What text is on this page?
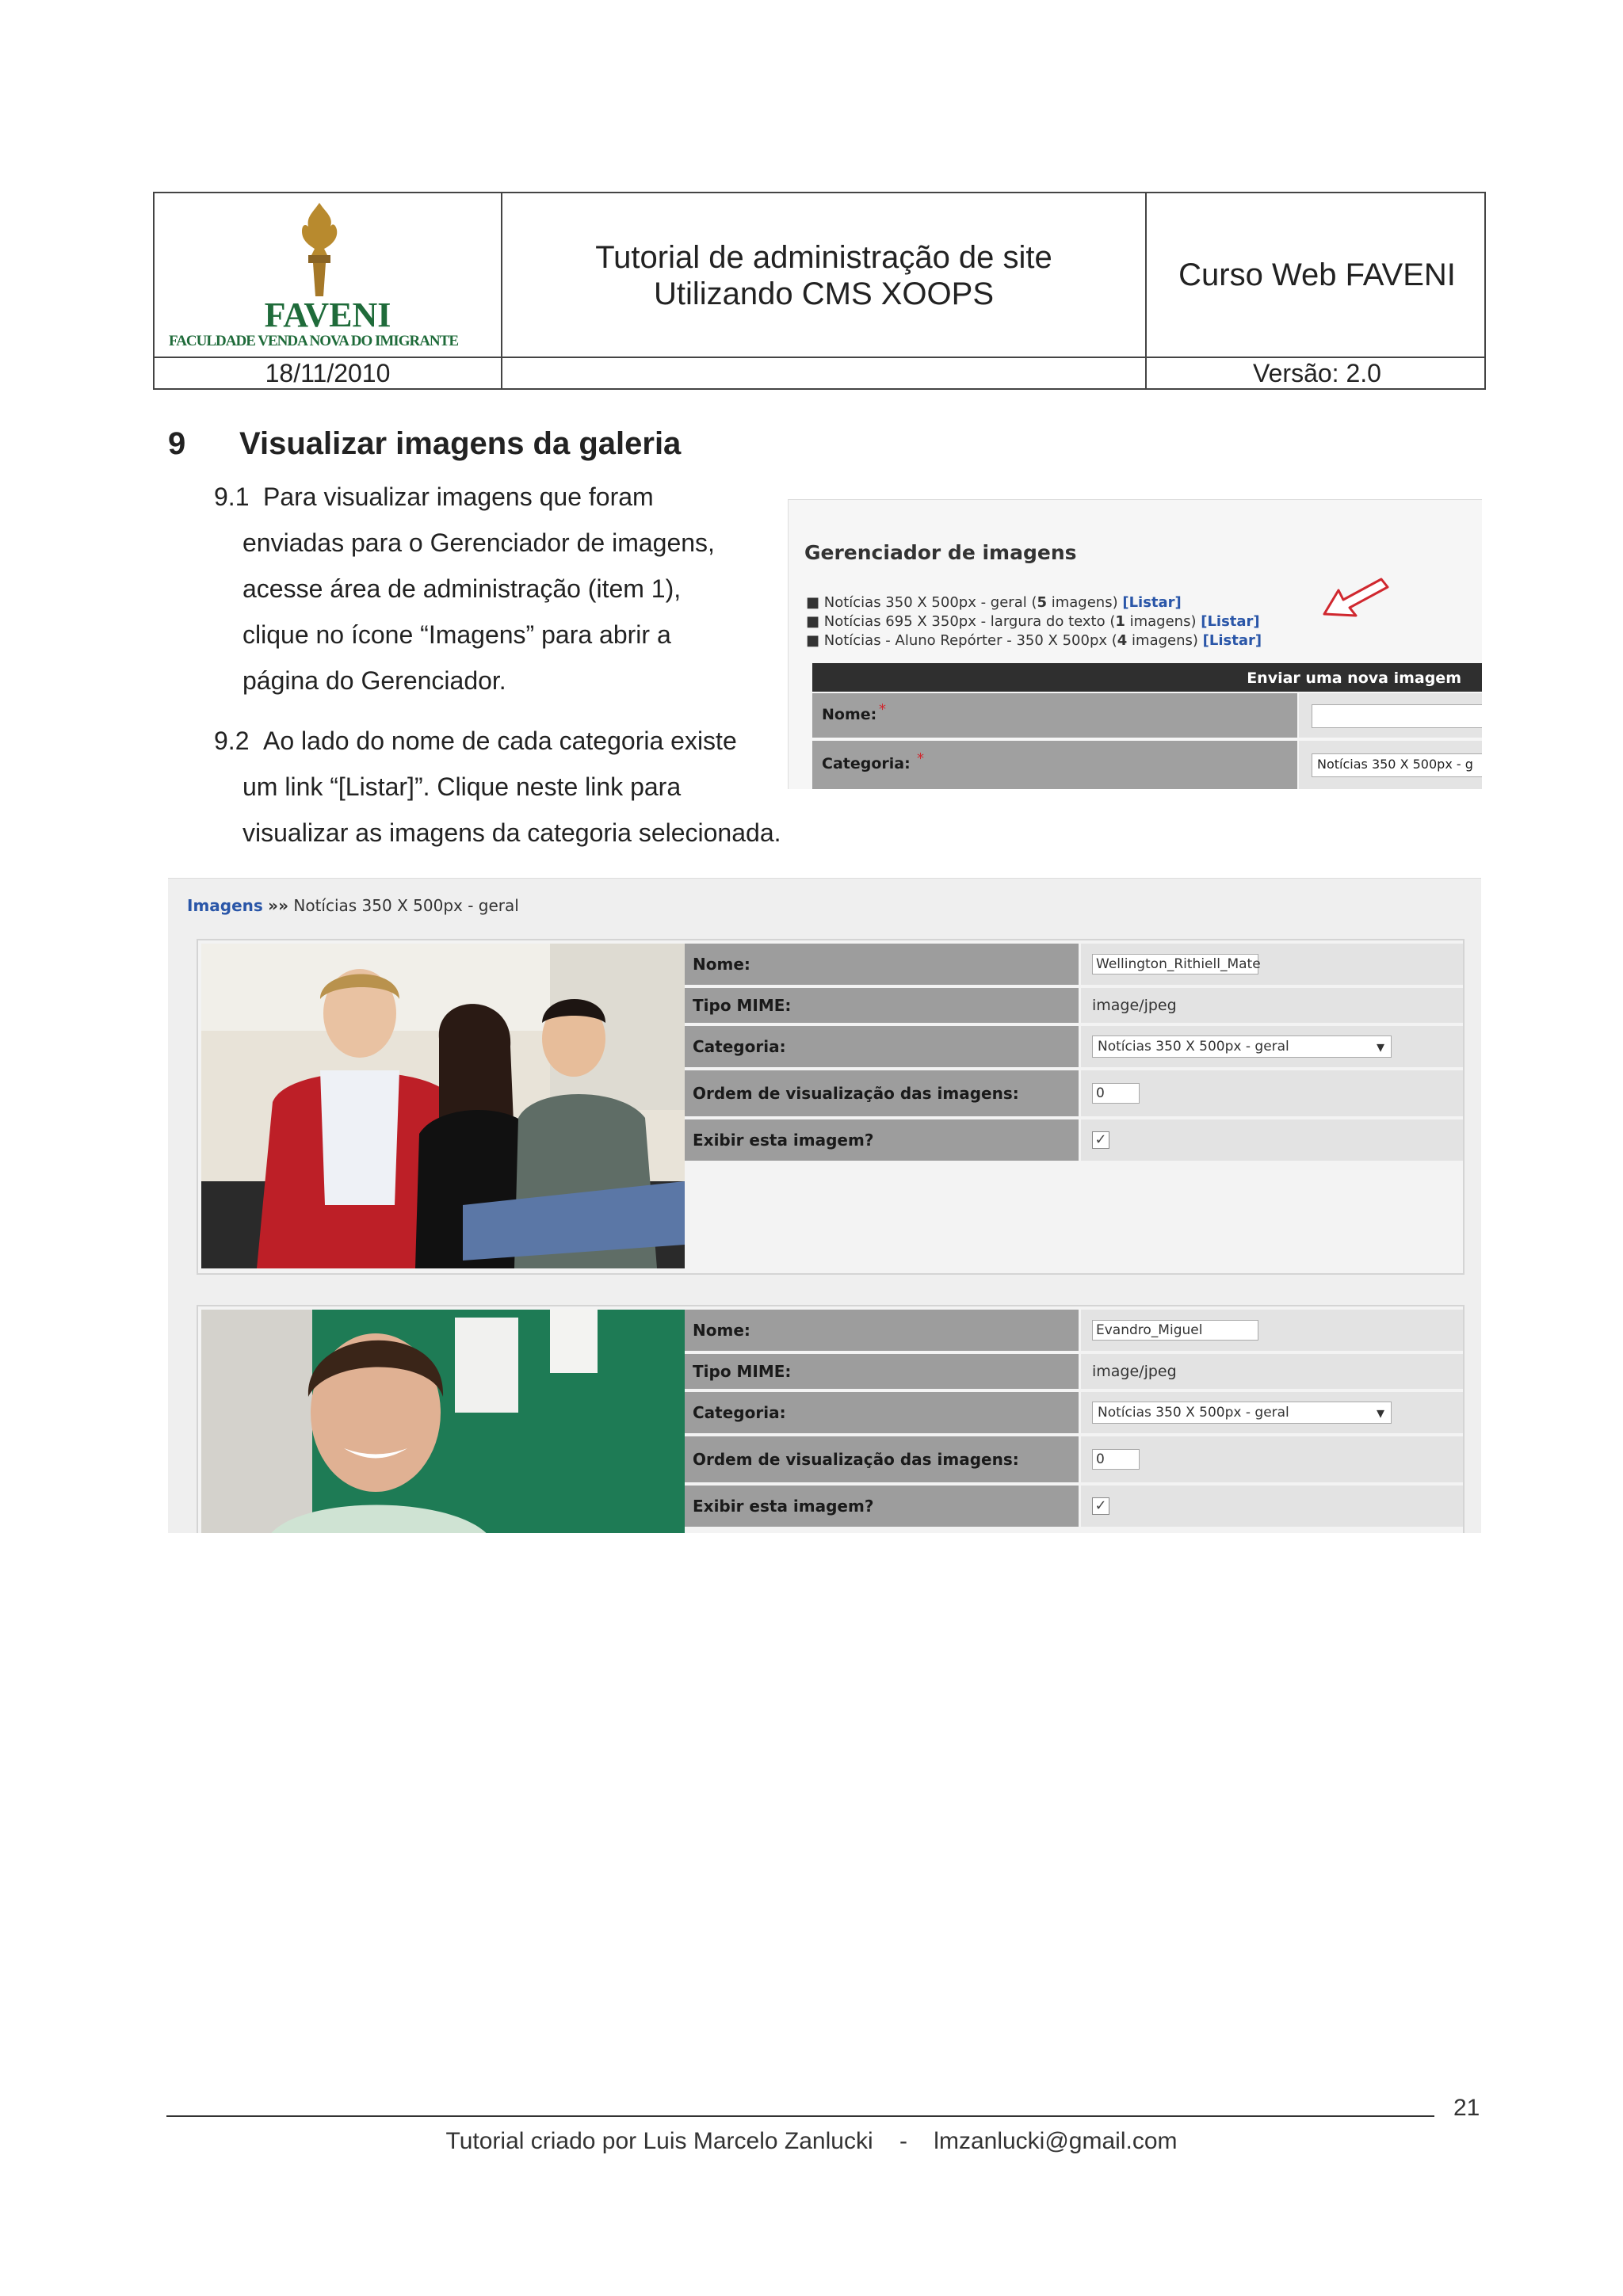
FAVENI
FACULDADE VENDA NOVA DO IMIGRANTE
Tutorial de administração de site
Utilizando CMS XOOPS
Curso Web FAVENI
18/11/2010	Versão: 2.0
9 Visualizar imagens da galeria
9.1 Para visualizar imagens que foram
enviadas para o Gerenciador de imagens,
acesse área de administração (item 1),
clique no ícone “Imagens” para abrir a
página do Gerenciador.
9.2 Ao lado do nome de cada categoria existe
um link “[Listar]”. Clique neste link para
visualizar as imagens da categoria selecionada.
Gerenciador de imagens
■ Notícias 350 X 500px - geral (5 imagens) [Listar]
■ Notícias 695 X 350px - largura do texto (1 imagens) [Listar]
■ Notícias - Aluno Repórter - 350 X 500px (4 imagens) [Listar]
Enviar uma nova imagem
Nome: *
Categoria: *	Notícias 350 X 500px - g
Imagens »» Notícias 350 X 500px - geral
Nome:	Wellington_Rithiell_Mate
Tipo MIME:	image/jpeg
Categoria:	Notícias 350 X 500px - geral ▾
Ordem de visualização das imagens:	0
Exibir esta imagem?	✓
Nome:	Evandro_Miguel
Tipo MIME:	image/jpeg
Categoria:	Notícias 350 X 500px - geral ▾
Ordem de visualização das imagens:	0
Exibir esta imagem?	✓
21
Tutorial criado por Luis Marcelo Zanlucki - lmzanlucki@gmail.com
